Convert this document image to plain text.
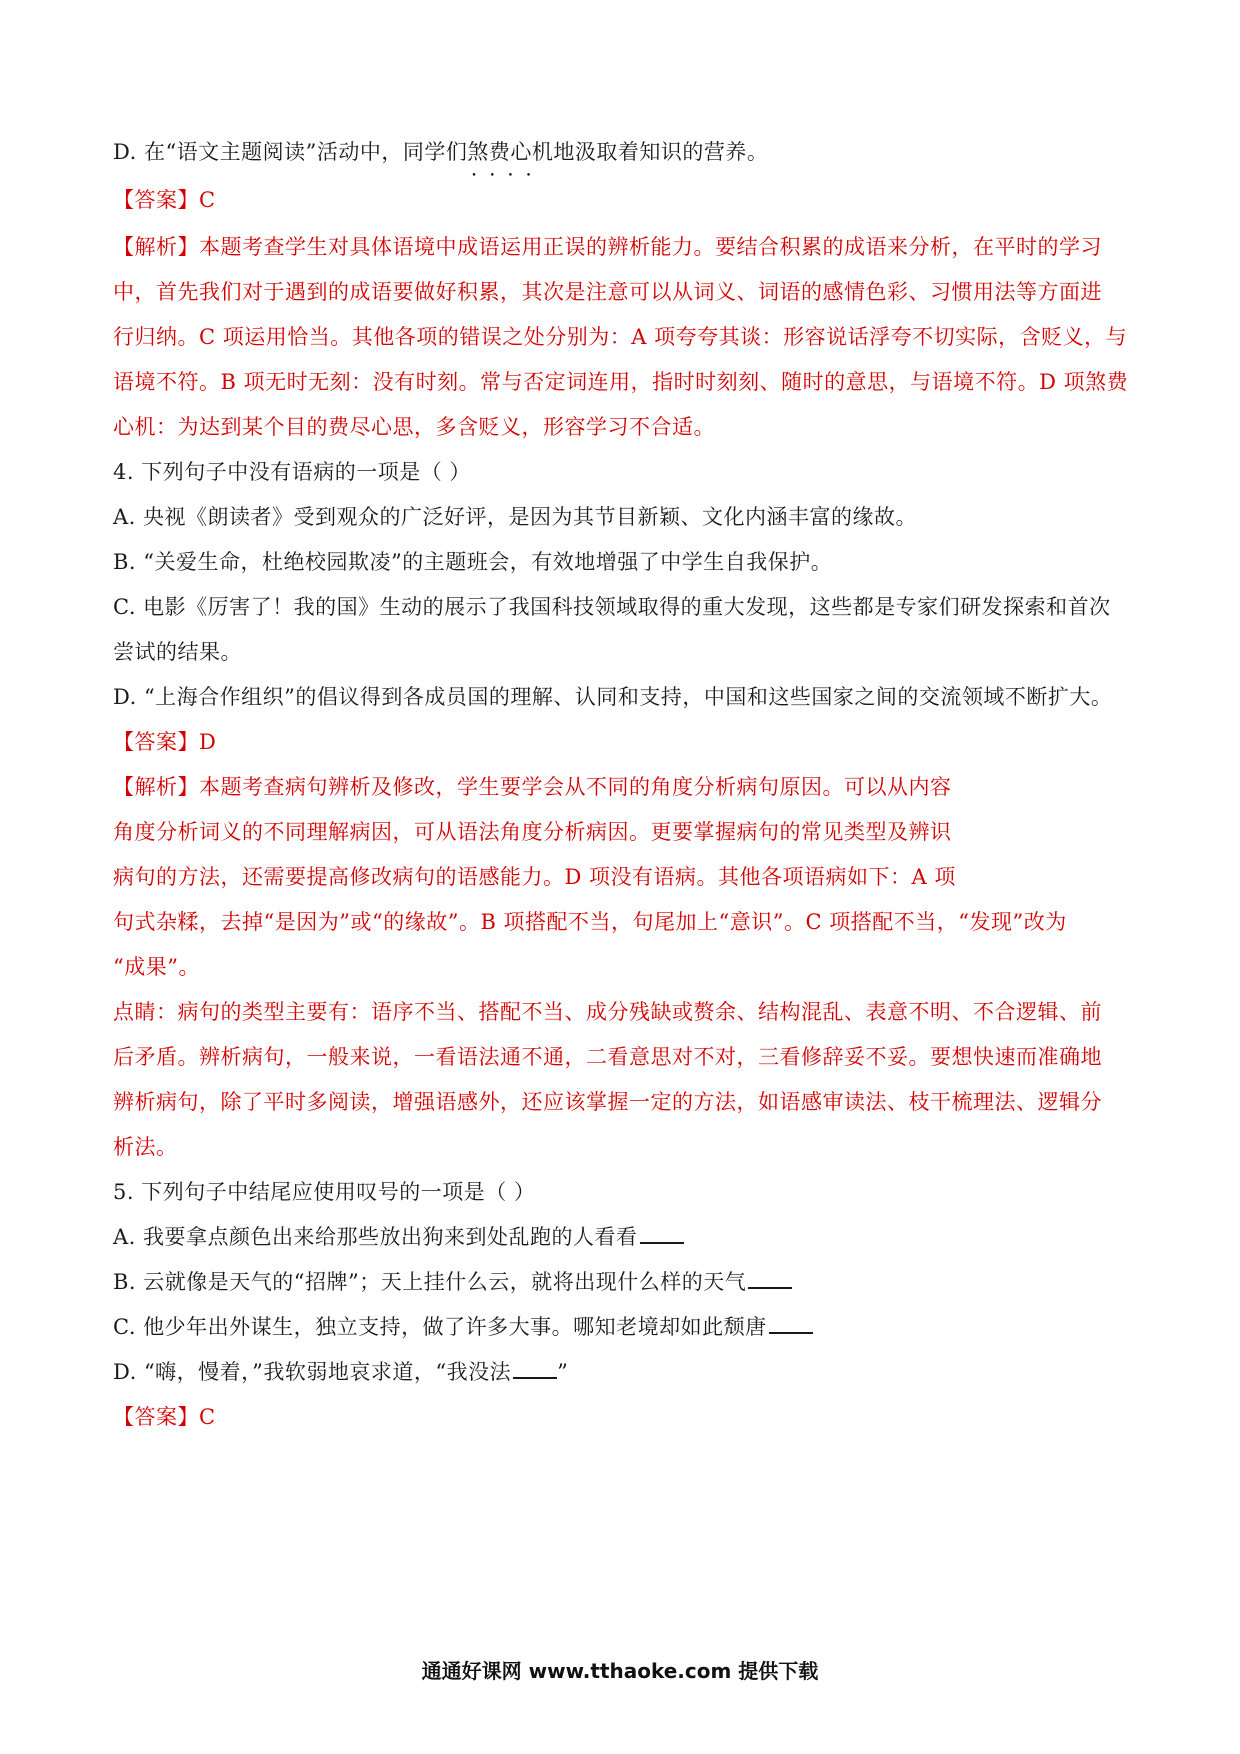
D. 在“语文主题阅读”活动中，同学们煞费心机 • •地汲取着知识的营养。
【答案】C
【解析】本题考查学生对具体语境中成语运用正误的辨析能力。要结合积累的成语来分析，在平时的学习
中，首先我们对于遇到的成语要做好积累，其次是注意可以从词义、词语的感情色彩、习惯用法等方面进
行归纳。C 项运用恰当。其他各项的错误之处分别为：A 项夸夸其谈：形容说话浮夸不切实际，含贬义，与
语境不符。B 项无时无刻：没有时刻。常与否定词连用，指时时刻刻、随时的意思，与语境不符。D 项煞费
心机：为达到某个目的费尽心思，多含贬义，形容学习不合适。
4. 下列句子中没有语病的一项是（ ）
A. 央视《朗读者》受到观众的广泛好评，是因为其节目新颖、文化内涵丰富的缘故。
B. “关爱生命，杜绝校园欺凌”的主题班会，有效地增强了中学生自我保护。
C. 电影《厉害了！我的国》生动的展示了我国科技领域取得的重大发现，这些都是专家们研发探索和首次
尝试的结果。
D. “上海合作组织”的倡议得到各成员国的理解、认同和支持，中国和这些国家之间的交流领域不断扩大。
【答案】D
【解析】本题考查病句辨析及修改，学生要学会从不同的角度分析病句原因。可以从内容
角度分析词义的不同理解病因，可从语法角度分析病因。更要掌握病句的常见类型及辨识
病句的方法，还需要提高修改病句的语感能力。D 项没有语病。其他各项语病如下：A 项
句式杂糅，去掉“是因为”或“的缘故”。B 项搭配不当，句尾加上“意识”。C 项搭配不当，“发现”改为
“成果”。
点睛：病句的类型主要有：语序不当、搭配不当、成分残缺或赘余、结构混乱、表意不明、不合逻辑、前
后矛盾。辨析病句，一般来说，一看语法通不通，二看意思对不对，三看修辞妥不妥。要想快速而准确地
辨析病句，除了平时多阅读，增强语感外，还应该掌握一定的方法，如语感审读法、枝干梳理法、逻辑分
析法。
5. 下列句子中结尾应使用叹号的一项是（ ）
A. 我要拿点颜色出来给那些放出狗来到处乱跑的人看看
B. 云就像是天气的“招牌”；天上挂什么云，就将出现什么样的天气
C. 他少年出外谋生，独立支持，做了许多大事。哪知老境却如此颓唐
D. “嗨，慢着，”我软弱地哀求道，“我没法 ”
【答案】C
通通好课网 www.tthaoke.com 提供下载
